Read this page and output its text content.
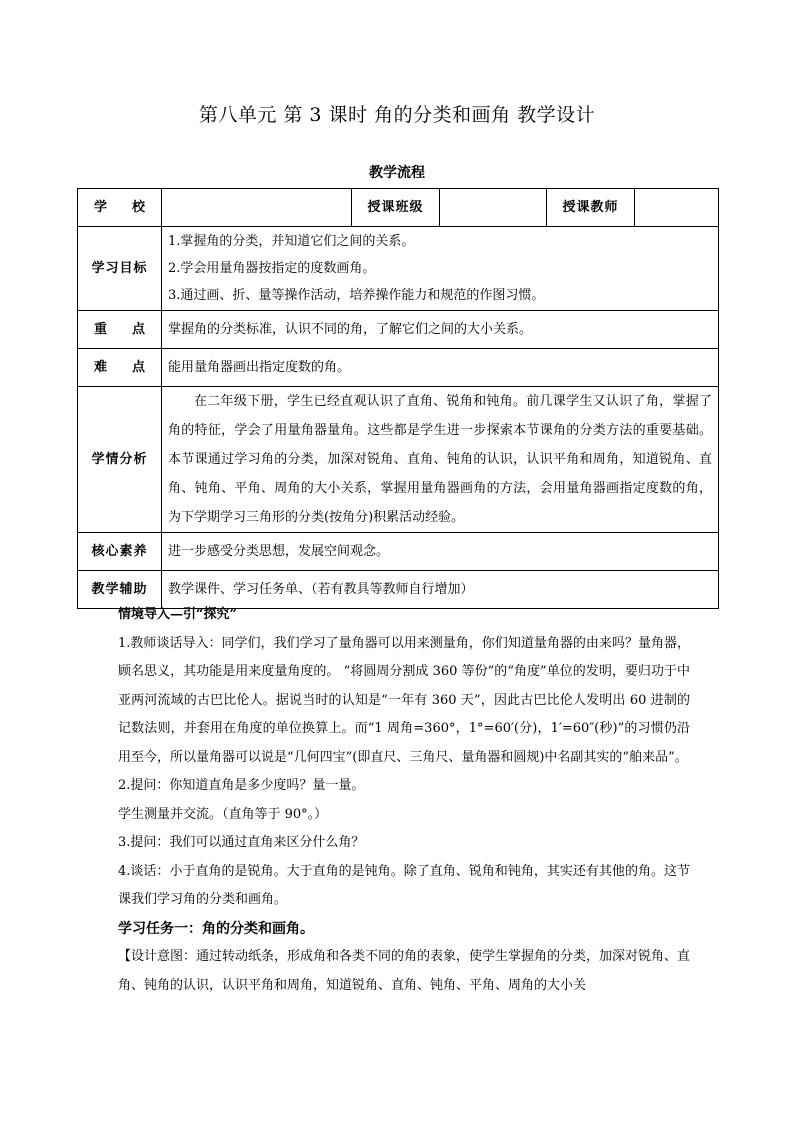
第八单元 第 3 课时 角的分类和画角 教学设计
教学流程
学 校		授课班级		授课教师	
学习目标	1.掌握角的分类，并知道它们之间的关系。
2.学会用量角器按指定的度数画角。
3.通过画、折、量等操作活动，培养操作能力和规范的作图习惯。				

重 点	掌握角的分类标准，认识不同的角，了解它们之间的大小关系。				

难 点	能用量角器画出指定度数的角。				
学情分析	在二年级下册，学生已经直观认识了直角、锐角和钝角。前几课学生又认识了角，掌握了角的特征，学会了用量角器量角。这些都是学生进一步探索本节课角的分类方法的重要基础。本节课通过学习角的分类，加深对锐角、直角、钝角的认识，认识平角和周角，知道锐角、直角、钝角、平角、周角的大小关系，掌握用量角器画角的方法，会用量角器画指定度数的角，为下学期学习三角形的分类(按角分)积累活动经验。				

核心素养	进一步感受分类思想，发展空间观念。				
教学辅助	教学课件、学习任务单、（若有教具等教师自行增加）				

情境导入—引“探究”

1.教师谈话导入：同学们，我们学习了量角器可以用来测量角，你们知道量角器的由来吗？量角器，顾名思义，其功能是用来度量角度的。 “将圆周分割成 360 等份”的“角度”单位的发明，要归功于中亚两河流域的古巴比伦人。据说当时的认知是“一年有 360 天”，因此古巴比伦人发明出 60 进制的记数法则，并套用在角度的单位换算上。而“1 周角=360°，1°=60′(分)，1′=60″(秒)”的习惯仍沿用至今，所以量角器可以说是“几何四宝”(即直尺、三角尺、量角器和圆规)中名副其实的“舶来品”。

2.提问：你知道直角是多少度吗？量一量。

学生测量并交流。（直角等于 90°。）

3.提问：我们可以通过直角来区分什么角？

4.谈话：小于直角的是锐角。大于直角的是钝角。除了直角、锐角和钝角，其实还有其他的角。这节课我们学习角的分类和画角。

学习任务一：角的分类和画角。

【设计意图：通过转动纸条，形成角和各类不同的角的表象，使学生掌握角的分类，加深对锐角、直角、钝角的认识，认识平角和周角，知道锐角、直角、钝角、平角、周角的大小关
